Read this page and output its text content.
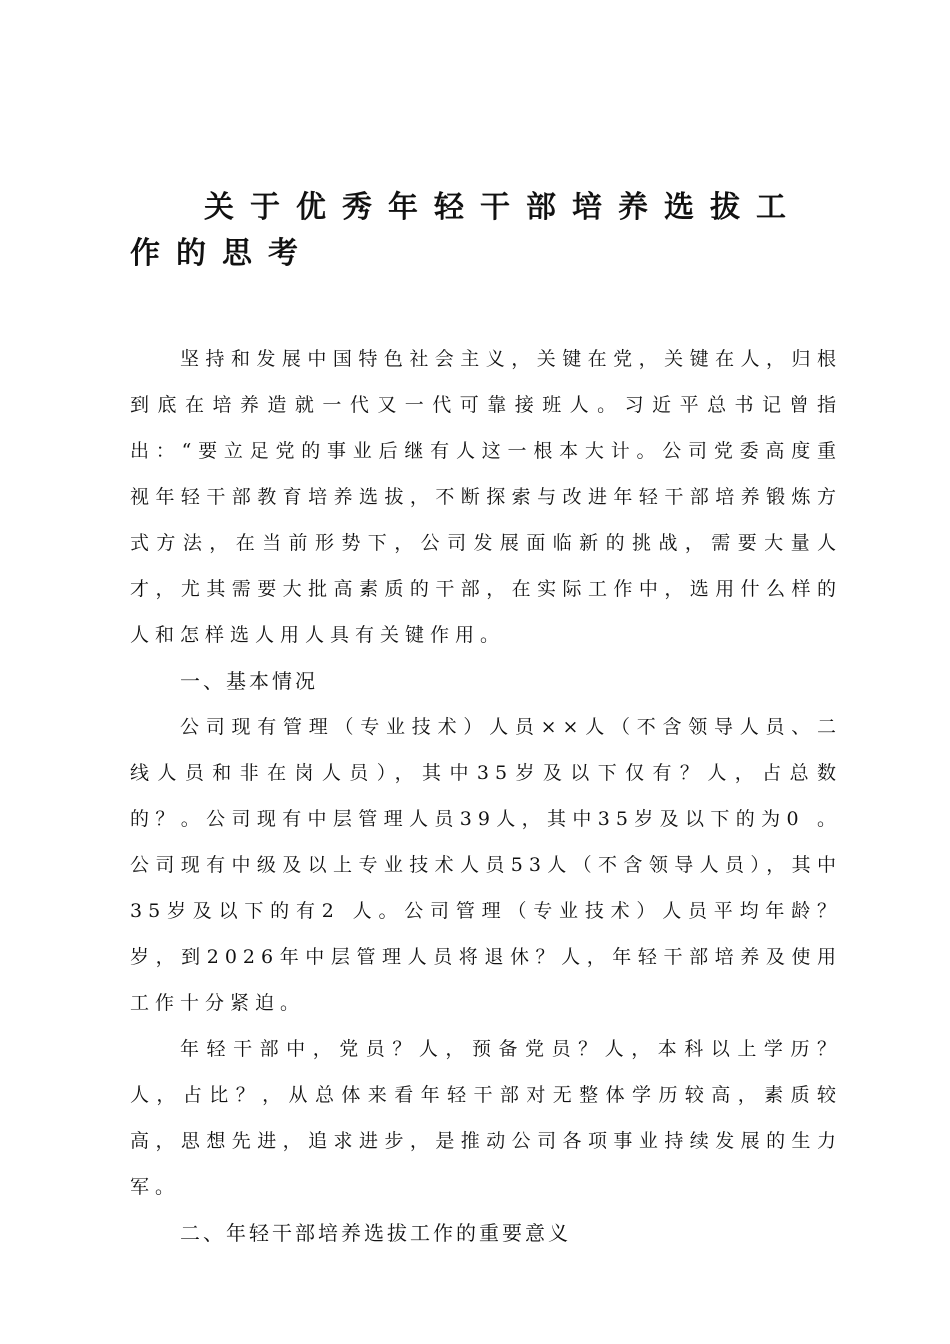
关于优秀年轻干部培养选拔工作的思考

坚持和发展中国特色社会主义，关键在党，关键在人，归根到底在培养造就一代又一代可靠接班人。习近平总书记曾指出：“要立足党的事业后继有人这一根本大计。公司党委高度重视年轻干部教育培养选拔，不断探索与改进年轻干部培养锻炼方式方法，在当前形势下，公司发展面临新的挑战，需要大量人才，尤其需要大批高素质的干部，在实际工作中，选用什么样的人和怎样选人用人具有关键作用。

一、基本情况

公司现有管理（专业技术）人员××人（不含领导人员、二线人员和非在岗人员），其中35岁及以下仅有？人，占总数的？。公司现有中层管理人员39人，其中35岁及以下的为0 。公司现有中级及以上专业技术人员53人（不含领导人员），其中35岁及以下的有2 人。公司管理（专业技术）人员平均年龄？岁，到2026年中层管理人员将退休？人，年轻干部培养及使用工作十分紧迫。

年轻干部中，党员？人，预备党员？人，本科以上学历？人，占比？，从总体来看年轻干部对无整体学历较高，素质较高，思想先进，追求进步，是推动公司各项事业持续发展的生力军。

二、年轻干部培养选拔工作的重要意义
